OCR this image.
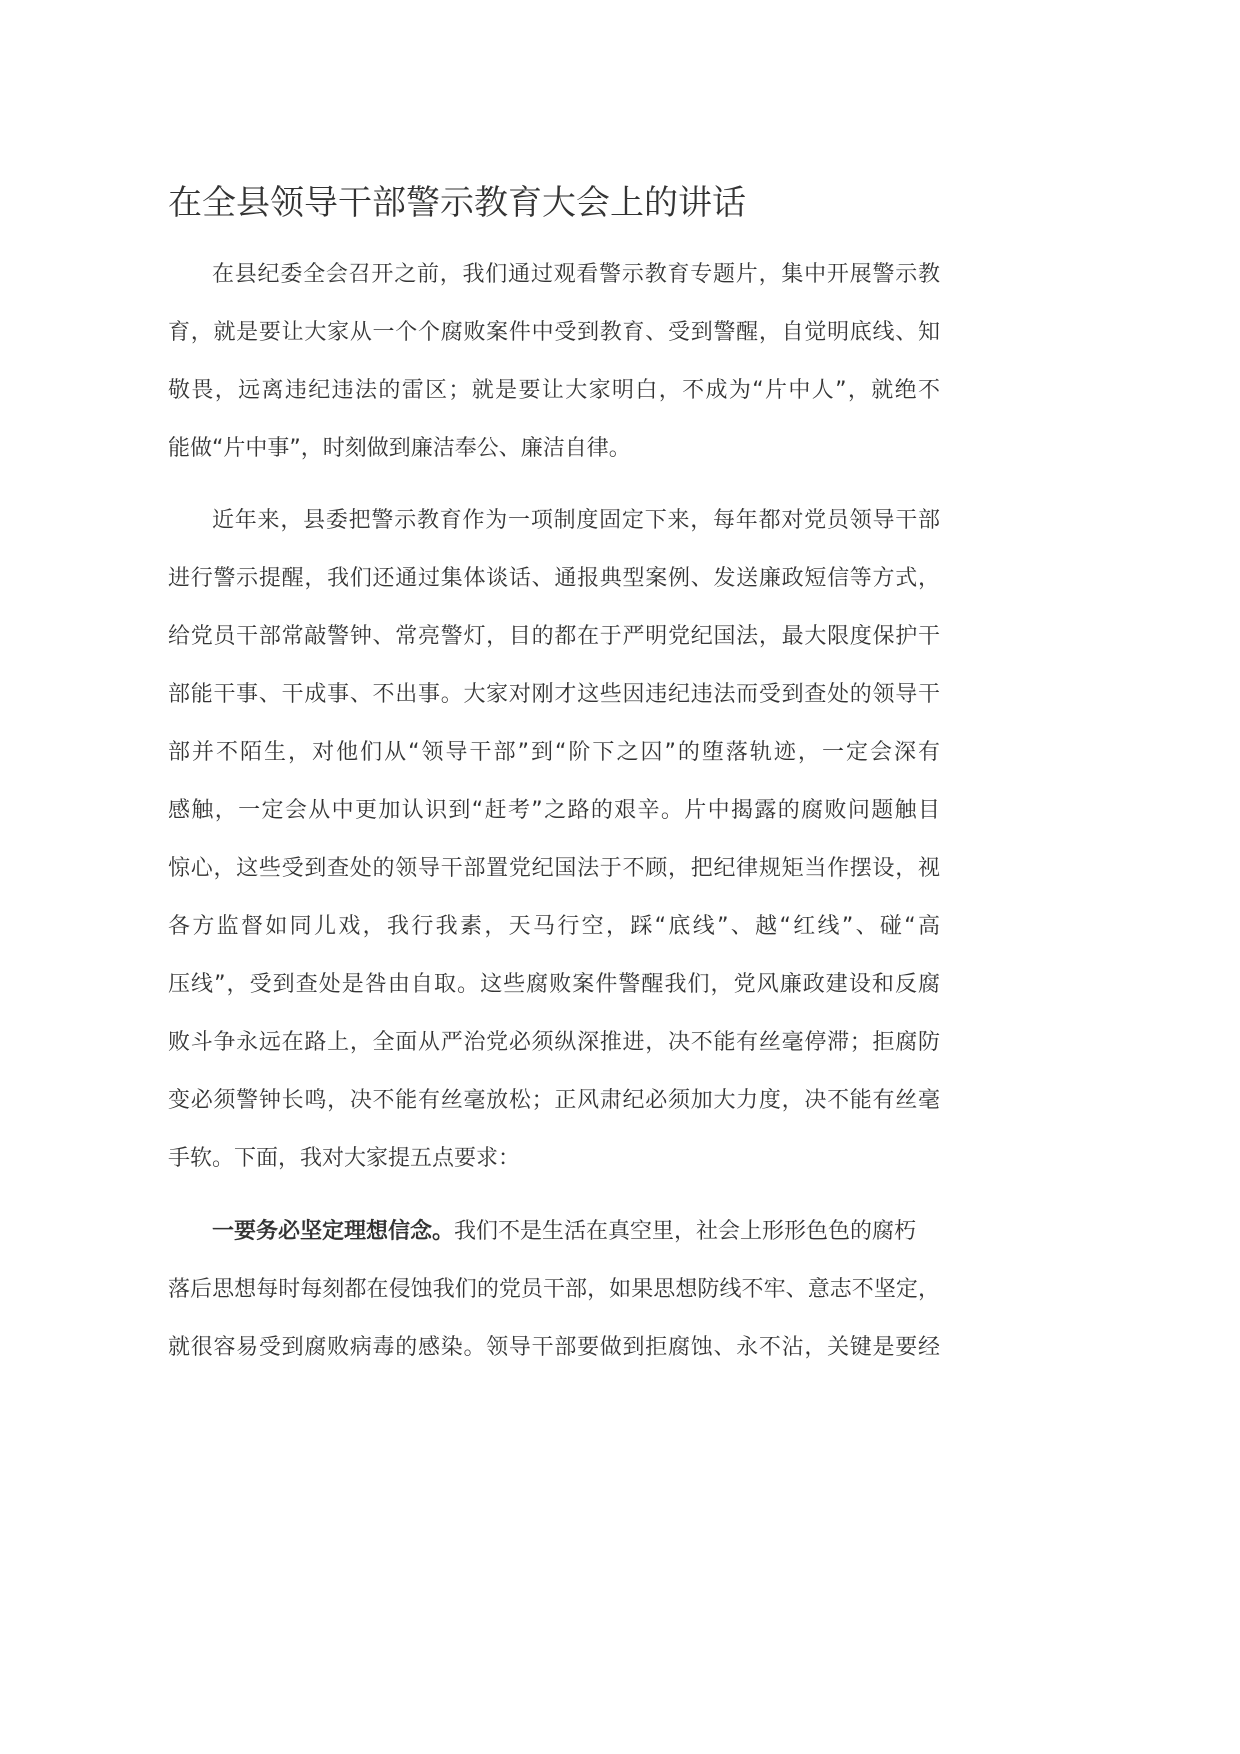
在全县领导干部警示教育大会上的讲话
在县纪委全会召开之前，我们通过观看警示教育专题片，集中开展警示教
育，就是要让大家从一个个腐败案件中受到教育、受到警醒，自觉明底线、知
敬畏，远离违纪违法的雷区；就是要让大家明白，不成为“片中人”，就绝不
能做“片中事”，时刻做到廉洁奉公、廉洁自律。
近年来，县委把警示教育作为一项制度固定下来，每年都对党员领导干部
进行警示提醒，我们还通过集体谈话、通报典型案例、发送廉政短信等方式，
给党员干部常敲警钟、常亮警灯，目的都在于严明党纪国法，最大限度保护干
部能干事、干成事、不出事。大家对刚才这些因违纪违法而受到查处的领导干
部并不陌生，对他们从“领导干部”到“阶下之囚”的堕落轨迹，一定会深有
感触，一定会从中更加认识到“赶考”之路的艰辛。片中揭露的腐败问题触目
惊心，这些受到查处的领导干部置党纪国法于不顾，把纪律规矩当作摆设，视
各方监督如同儿戏，我行我素，天马行空，踩“底线”、越“红线”、碰“高
压线”，受到查处是咎由自取。这些腐败案件警醒我们，党风廉政建设和反腐
败斗争永远在路上，全面从严治党必须纵深推进，决不能有丝毫停滞；拒腐防
变必须警钟长鸣，决不能有丝毫放松；正风肃纪必须加大力度，决不能有丝毫
手软。下面，我对大家提五点要求：
一要务必坚定理想信念。我们不是生活在真空里，社会上形形色色的腐朽
落后思想每时每刻都在侵蚀我们的党员干部，如果思想防线不牢、意志不坚定，
就很容易受到腐败病毒的感染。领导干部要做到拒腐蚀、永不沾，关键是要经
